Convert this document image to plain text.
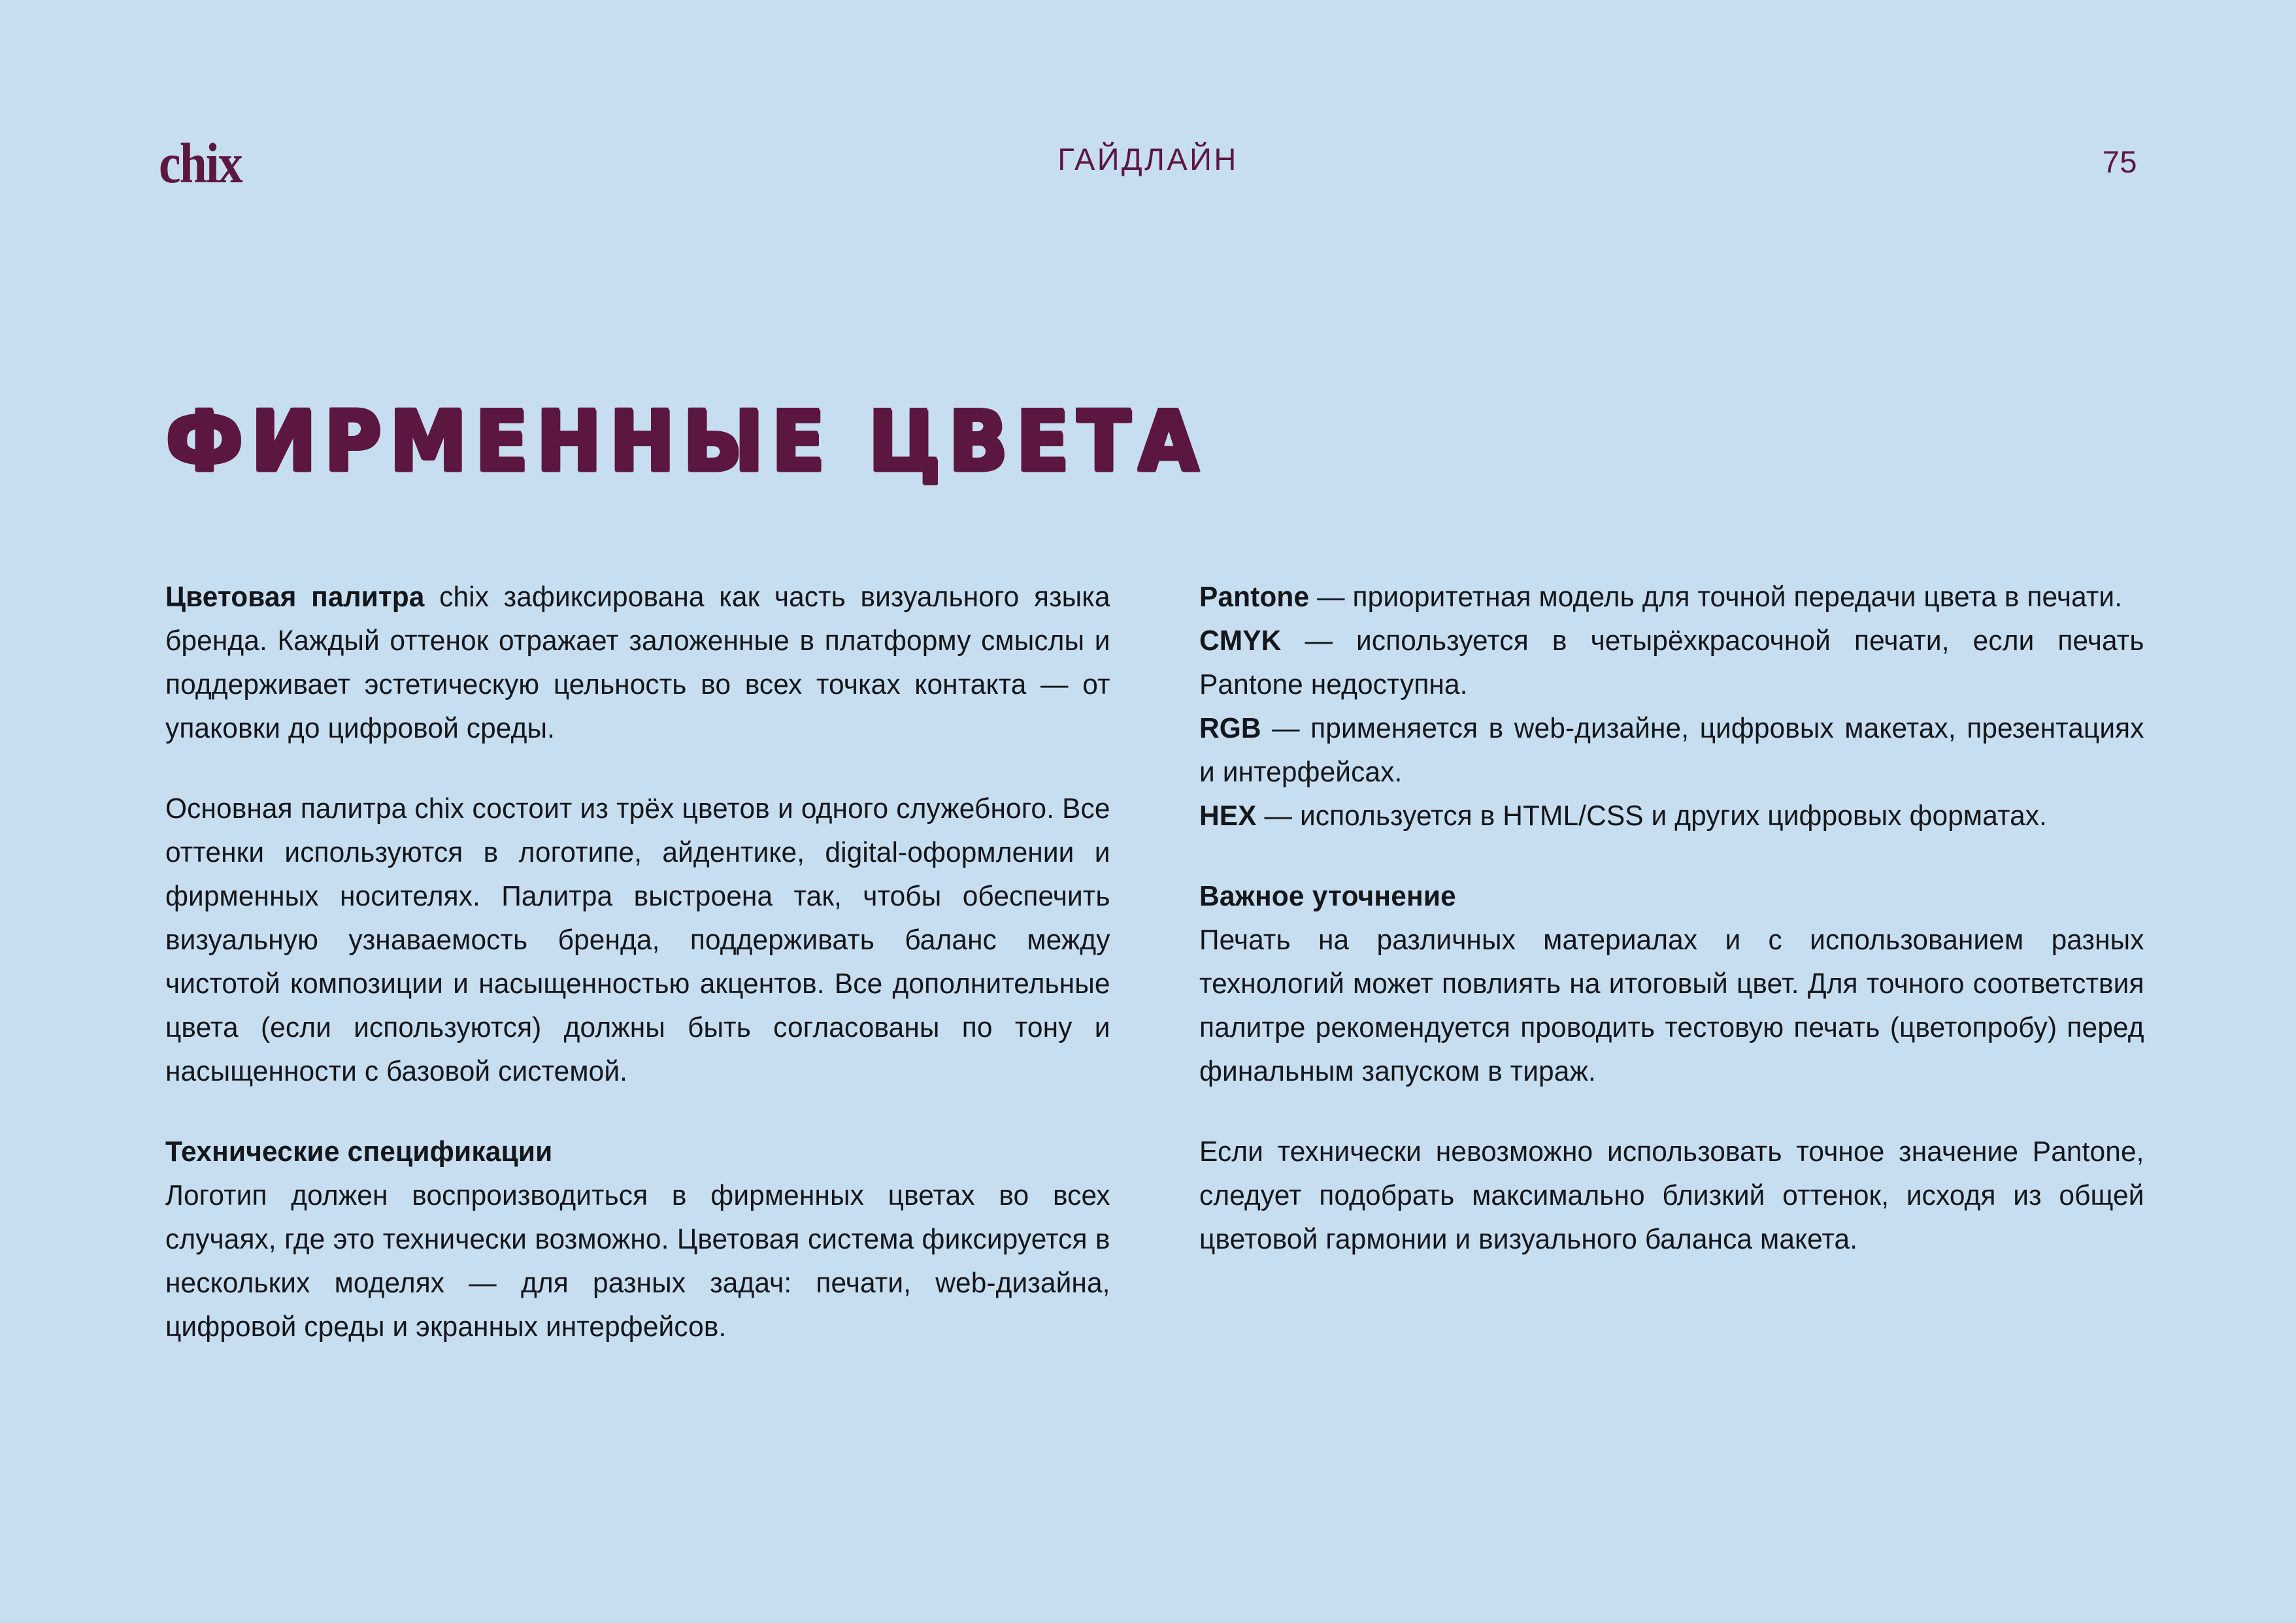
chix	ГАЙДЛАЙН	75
ФИРМЕННЫЕ ЦВЕТА

Цветовая палитра chix зафиксирована как часть визуального языка бренда. Каждый оттенок отражает заложенные в платформу смыслы и поддерживает эстетическую цельность во всех точках контакта — от упаковки до цифровой среды.

Основная палитра chix состоит из трёх цветов и одного служебного. Все оттенки используются в логотипе, айдентике, digital-оформлении и фирменных носителях. Палитра выстроена так, чтобы обеспечить визуальную узнаваемость бренда, поддерживать баланс между чистотой композиции и насыщенностью акцентов. Все дополнительные цвета (если используются) должны быть согласованы по тону и насыщенности с базовой системой.

Технические спецификации

Логотип должен воспроизводиться в фирменных цветах во всех случаях, где это технически возможно. Цветовая система фиксируется в нескольких моделях — для разных задач: печати, web-дизайна, цифровой среды и экранных интерфейсов.

Pantone — приоритетная модель для точной передачи цвета в печати.
CMYK — используется в четырёхкрасочной печати, если печать Pantone недоступна.
RGB — применяется в web-дизайне, цифровых макетах, презентациях и интерфейсах.
HEX — используется в HTML/CSS и других цифровых форматах.

Важное уточнение

Печать на различных материалах и с использованием разных технологий может повлиять на итоговый цвет. Для точного соответствия палитре рекомендуется проводить тестовую печать (цветопробу) перед финальным запуском в тираж.

Если технически невозможно использовать точное значение Pantone, следует подобрать максимально близкий оттенок, исходя из общей цветовой гармонии и визуального баланса макета.
